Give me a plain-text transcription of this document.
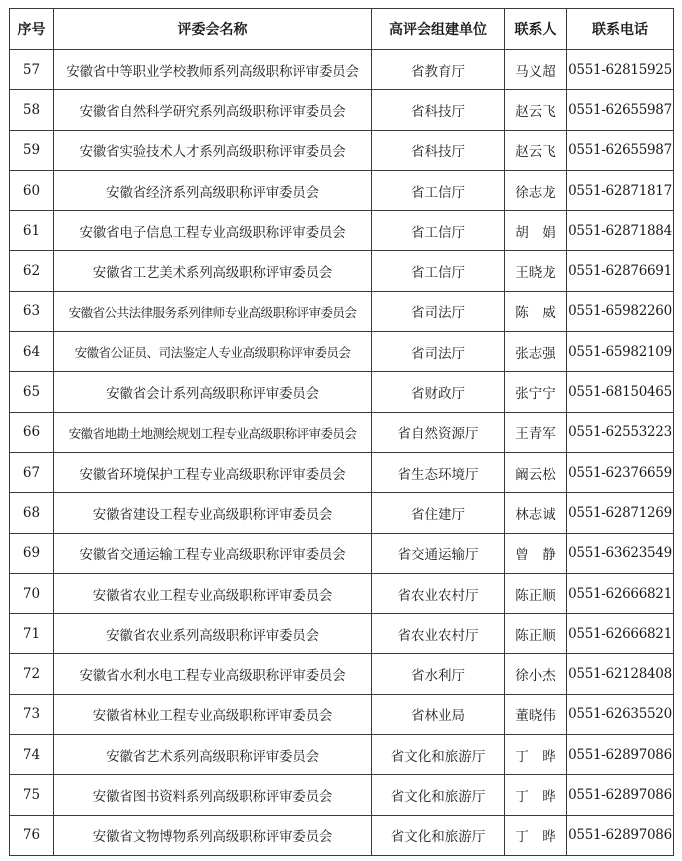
序号	评委会名称	高评会组建单位	联系人	联系电话
57	安徽省中等职业学校教师系列高级职称评审委员会	省教育厅	马义超	0551-62815925
58	安徽省自然科学研究系列高级职称评审委员会	省科技厅	赵云飞	0551-62655987
59	安徽省实验技术人才系列高级职称评审委员会	省科技厅	赵云飞	0551-62655987
60	安徽省经济系列高级职称评审委员会	省工信厅	徐志龙	0551-62871817
61	安徽省电子信息工程专业高级职称评审委员会	省工信厅	胡　娟	0551-62871884
62	安徽省工艺美术系列高级职称评审委员会	省工信厅	王晓龙	0551-62876691
63	安徽省公共法律服务系列律师专业高级职称评审委员会	省司法厅	陈　威	0551-65982260
64	安徽省公证员、司法鉴定人专业高级职称评审委员会	省司法厅	张志强	0551-65982109
65	安徽省会计系列高级职称评审委员会	省财政厅	张宁宁	0551-68150465
66	安徽省地勘土地测绘规划工程专业高级职称评审委员会	省自然资源厅	王青军	0551-62553223
67	安徽省环境保护工程专业高级职称评审委员会	省生态环境厅	阚云松	0551-62376659
68	安徽省建设工程专业高级职称评审委员会	省住建厅	林志诚	0551-62871269
69	安徽省交通运输工程专业高级职称评审委员会	省交通运输厅	曾　静	0551-63623549
70	安徽省农业工程专业高级职称评审委员会	省农业农村厅	陈正顺	0551-62666821
71	安徽省农业系列高级职称评审委员会	省农业农村厅	陈正顺	0551-62666821
72	安徽省水利水电工程专业高级职称评审委员会	省水利厅	徐小杰	0551-62128408
73	安徽省林业工程专业高级职称评审委员会	省林业局	董晓伟	0551-62635520
74	安徽省艺术系列高级职称评审委员会	省文化和旅游厅	丁　晔	0551-62897086
75	安徽省图书资料系列高级职称评审委员会	省文化和旅游厅	丁　晔	0551-62897086
76	安徽省文物博物系列高级职称评审委员会	省文化和旅游厅	丁　晔	0551-62897086
